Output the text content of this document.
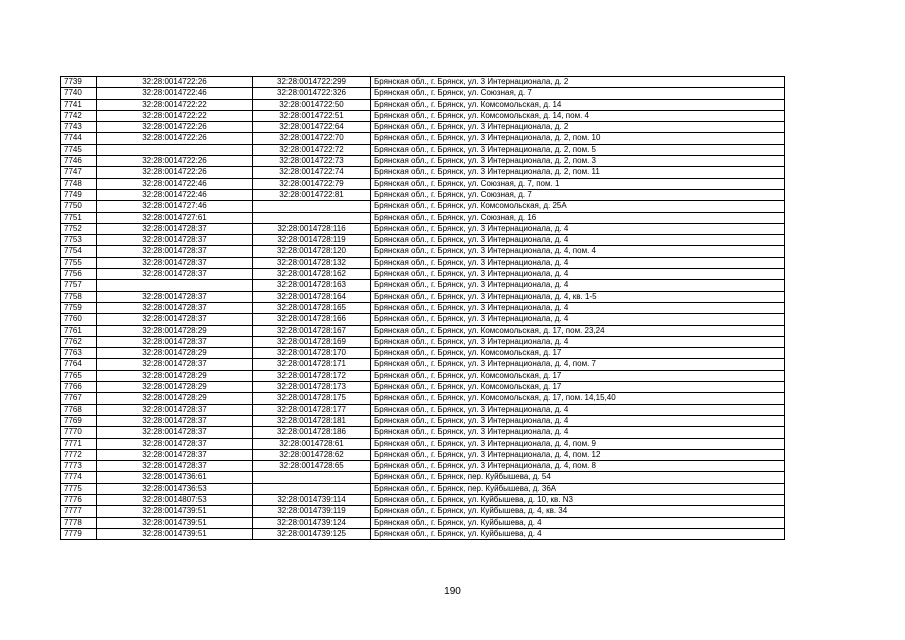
7739	32:28:0014722:26	32:28:0014722:299	Брянская обл., г. Брянск, ул. 3 Интернационала, д. 2
7740	32:28:0014722:46	32:28:0014722:326	Брянская обл., г. Брянск, ул. Союзная, д. 7
7741	32:28:0014722:22	32:28:0014722:50	Брянская обл., г. Брянск, ул. Комсомольская, д. 14
7742	32:28:0014722:22	32:28:0014722:51	Брянская обл., г. Брянск, ул. Комсомольская, д. 14, пом. 4
7743	32:28:0014722:26	32:28:0014722:64	Брянская обл., г. Брянск, ул. 3 Интернационала, д. 2
7744	32:28:0014722:26	32:28:0014722:70	Брянская обл., г. Брянск, ул. 3 Интернационала, д. 2, пом. 10
7745		32:28:0014722:72	Брянская обл., г. Брянск, ул. 3 Интернационала, д. 2, пом. 5
7746	32:28:0014722:26	32:28:0014722:73	Брянская обл., г. Брянск, ул. 3 Интернационала, д. 2, пом. 3
7747	32:28:0014722:26	32:28:0014722:74	Брянская обл., г. Брянск, ул. 3 Интернационала, д. 2, пом. 11
7748	32:28:0014722:46	32:28:0014722:79	Брянская обл., г. Брянск, ул. Союзная, д. 7, пом. 1
7749	32:28:0014722:46	32:28:0014722:81	Брянская обл., г. Брянск, ул. Союзная, д. 7
7750	32:28:0014727:46		Брянская обл., г. Брянск, ул. Комсомольская, д. 25А
7751	32:28:0014727:61		Брянская обл., г. Брянск, ул. Союзная, д. 16
7752	32:28:0014728:37	32:28:0014728:116	Брянская обл., г. Брянск, ул. 3 Интернационала, д. 4
7753	32:28:0014728:37	32:28:0014728:119	Брянская обл., г. Брянск, ул. 3 Интернационала, д. 4
7754	32:28:0014728:37	32:28:0014728:120	Брянская обл., г. Брянск, ул. 3 Интернационала, д. 4, пом. 4
7755	32:28:0014728:37	32:28:0014728:132	Брянская обл., г. Брянск, ул. 3 Интернационала, д. 4
7756	32:28:0014728:37	32:28:0014728:162	Брянская обл., г. Брянск, ул. 3 Интернационала, д. 4
7757		32:28:0014728:163	Брянская обл., г. Брянск, ул. 3 Интернационала, д. 4
7758	32:28:0014728:37	32:28:0014728:164	Брянская обл., г. Брянск, ул. 3 Интернационала, д. 4, кв. 1-5
7759	32:28:0014728:37	32:28:0014728:165	Брянская обл., г. Брянск, ул. 3 Интернационала, д. 4
7760	32:28:0014728:37	32:28:0014728:166	Брянская обл., г. Брянск, ул. 3 Интернационала, д. 4
7761	32:28:0014728:29	32:28:0014728:167	Брянская обл., г. Брянск, ул. Комсомольская, д. 17, пом. 23,24
7762	32:28:0014728:37	32:28:0014728:169	Брянская обл., г. Брянск, ул. 3 Интернационала, д. 4
7763	32:28:0014728:29	32:28:0014728:170	Брянская обл., г. Брянск, ул. Комсомольская, д. 17
7764	32:28:0014728:37	32:28:0014728:171	Брянская обл., г. Брянск, ул. 3 Интернационала, д. 4, пом. 7
7765	32:28:0014728:29	32:28:0014728:172	Брянская обл., г. Брянск, ул. Комсомольская, д. 17
7766	32:28:0014728:29	32:28:0014728:173	Брянская обл., г. Брянск, ул. Комсомольская, д. 17
7767	32:28:0014728:29	32:28:0014728:175	Брянская обл., г. Брянск, ул. Комсомольская, д. 17, пом. 14,15,40
7768	32:28:0014728:37	32:28:0014728:177	Брянская обл., г. Брянск, ул. 3 Интернационала, д. 4
7769	32:28:0014728:37	32:28:0014728:181	Брянская обл., г. Брянск, ул. 3 Интернационала, д. 4
7770	32:28:0014728:37	32:28:0014728:186	Брянская обл., г. Брянск, ул. 3 Интернационала, д. 4
7771	32:28:0014728:37	32:28:0014728:61	Брянская обл., г. Брянск, ул. 3 Интернационала, д. 4, пом. 9
7772	32:28:0014728:37	32:28:0014728:62	Брянская обл., г. Брянск, ул. 3 Интернационала, д. 4, пом. 12
7773	32:28:0014728:37	32:28:0014728:65	Брянская обл., г. Брянск, ул. 3 Интернационала, д. 4, пом. 8
7774	32:28:0014736:61		Брянская обл., г. Брянск, пер. Куйбышева, д. 54
7775	32:28:0014736:53		Брянская обл., г. Брянск, пер. Куйбышева, д. 36А
7776	32:28:0014807:53	32:28:0014739:114	Брянская обл., г. Брянск, ул. Куйбышева, д. 10, кв. N3
7777	32:28:0014739:51	32:28:0014739:119	Брянская обл., г. Брянск, ул. Куйбышева, д. 4, кв. 34
7778	32:28:0014739:51	32:28:0014739:124	Брянская обл., г. Брянск, ул. Куйбышева, д. 4
7779	32:28:0014739:51	32:28:0014739:125	Брянская обл., г. Брянск, ул. Куйбышева, д. 4
190
